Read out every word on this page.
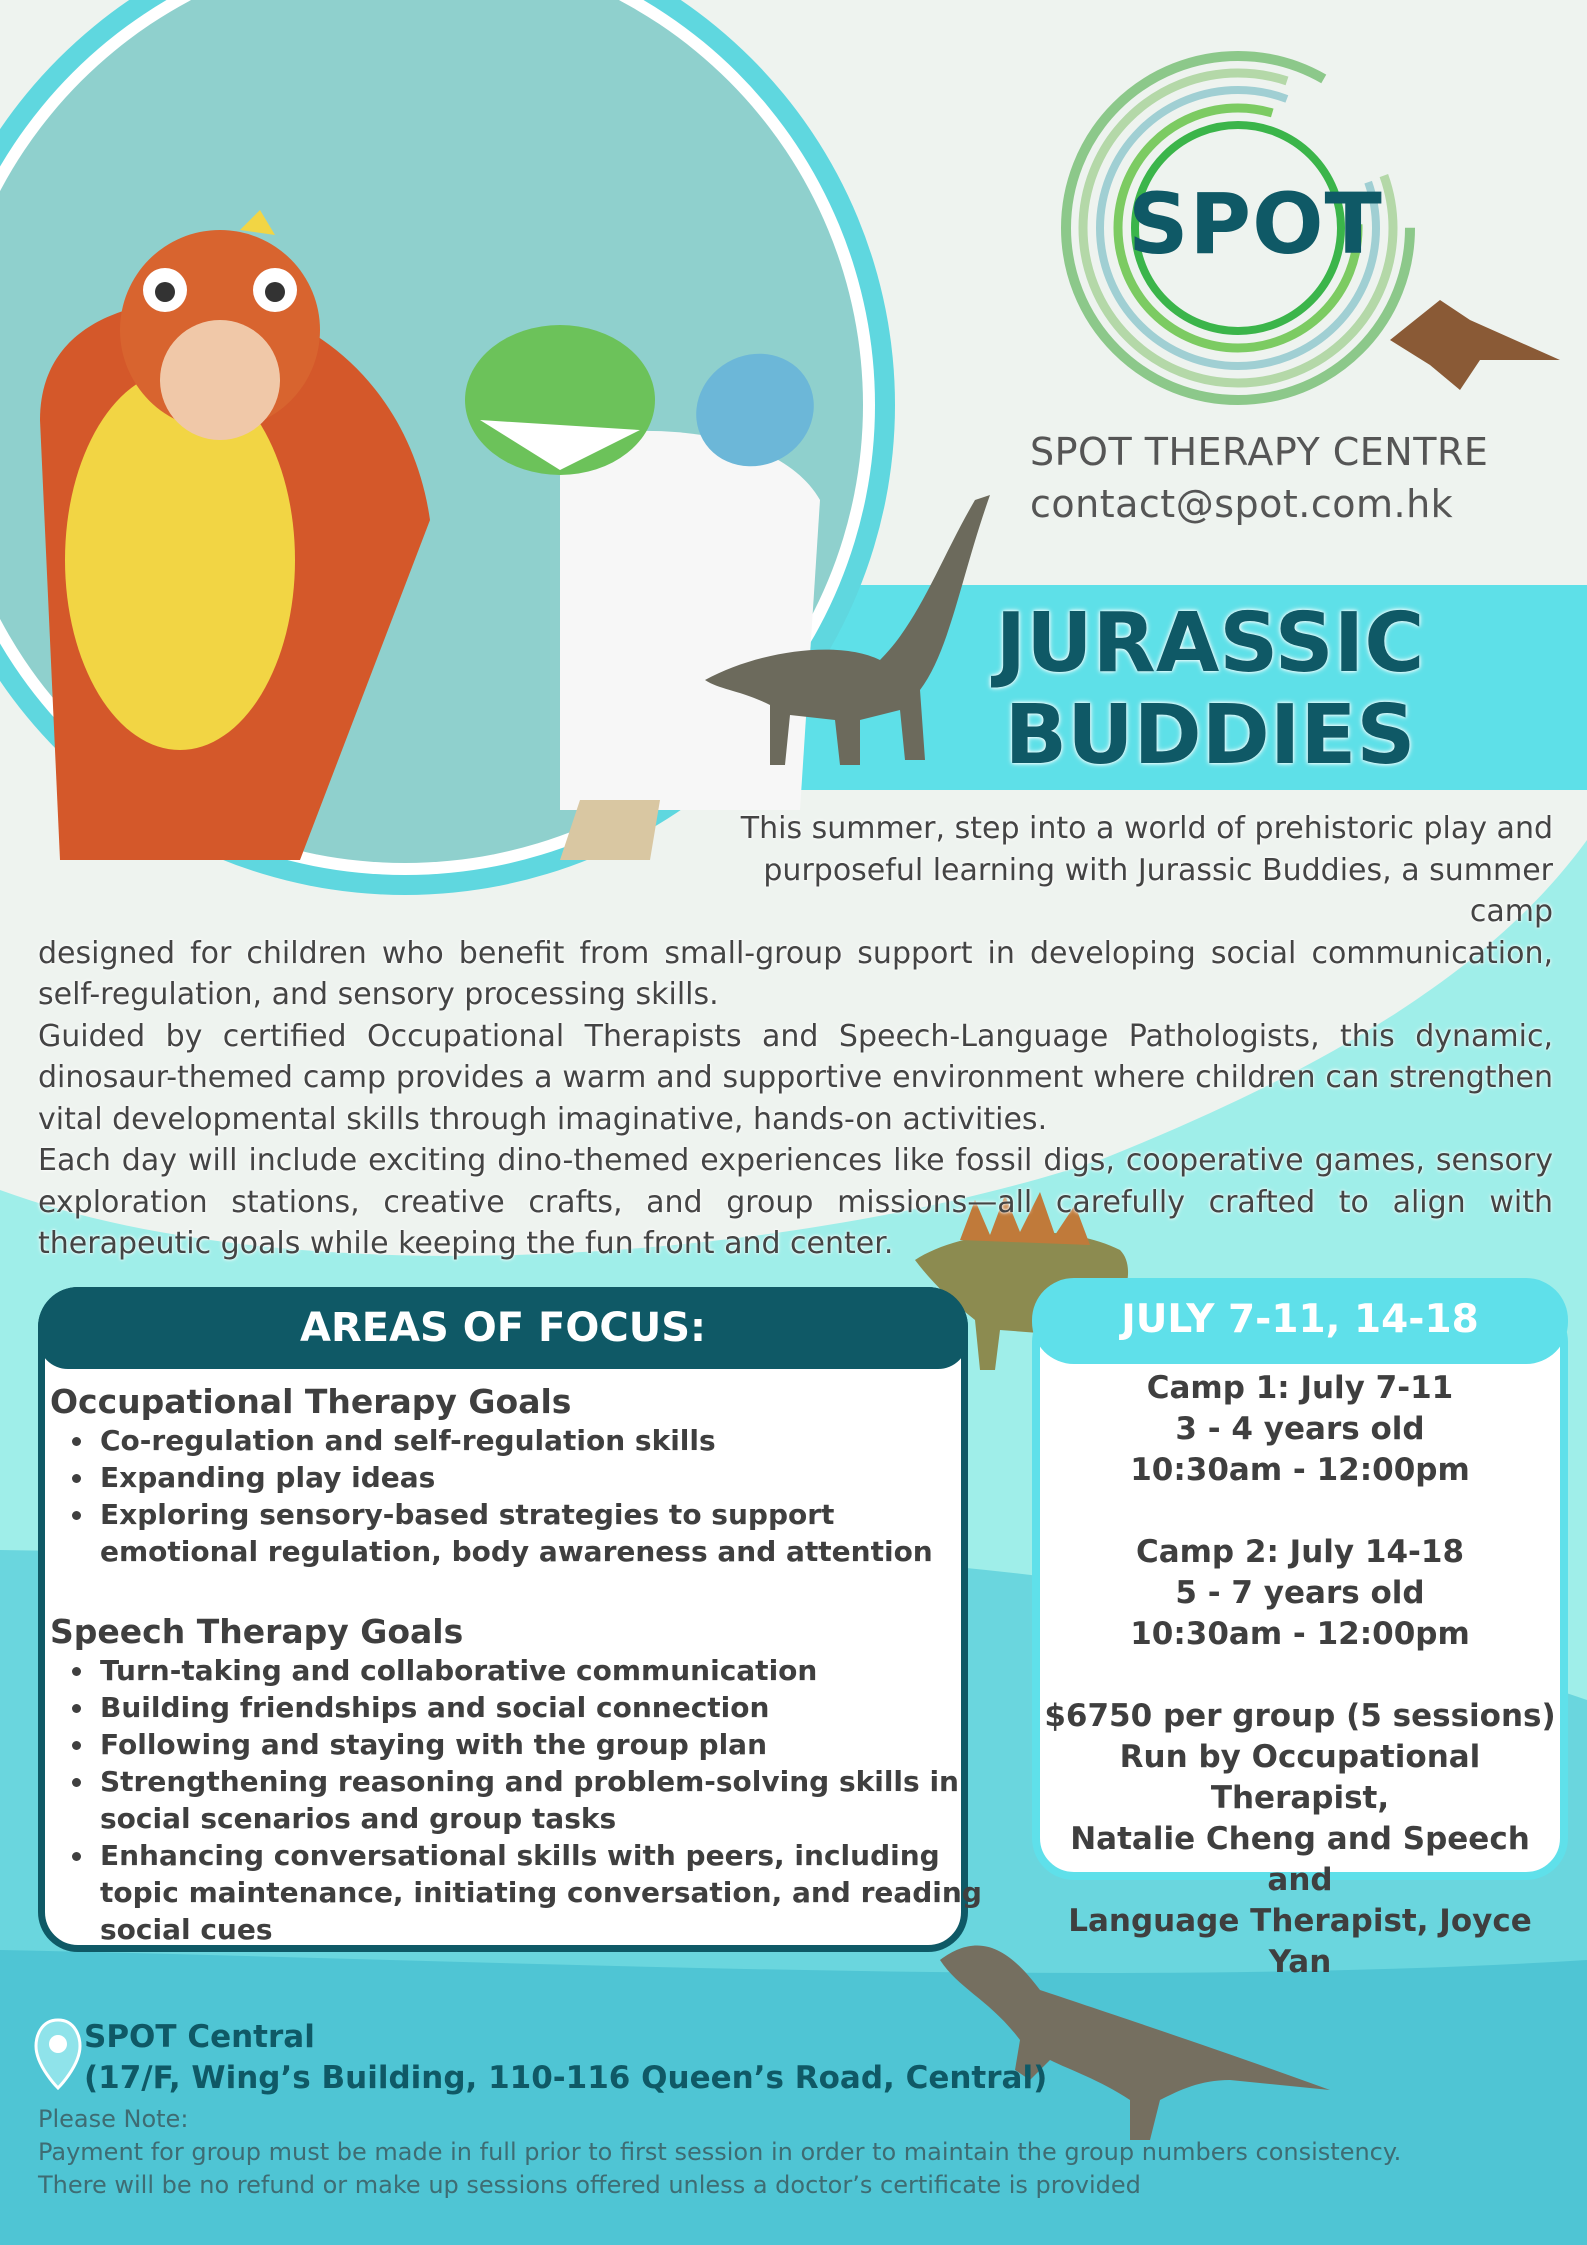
SPOT
SPOT THERAPY CENTRE
contact@spot.com.hk
JURASSIC
BUDDIES

This summer, step into a world of prehistoric play and purposeful learning with Jurassic Buddies, a summer camp

designed for children who benefit from small-group support in developing social communication, self-regulation, and sensory processing skills.

Guided by certified Occupational Therapists and Speech-Language Pathologists, this dynamic, dinosaur-themed camp provides a warm and supportive environment where children can strengthen vital developmental skills through imaginative, hands-on activities.

Each day will include exciting dino-themed experiences like fossil digs, cooperative games, sensory exploration stations, creative crafts, and group missions—all carefully crafted to align with therapeutic goals while keeping the fun front and center.

AREAS OF FOCUS:
Occupational Therapy Goals
• Co-regulation and self-regulation skills
• Expanding play ideas
• Exploring sensory-based strategies to support emotional regulation, body awareness and attention
Speech Therapy Goals
• Turn-taking and collaborative communication
• Building friendships and social connection
• Following and staying with the group plan
• Strengthening reasoning and problem-solving skills in social scenarios and group tasks
• Enhancing conversational skills with peers, including topic maintenance, initiating conversation, and reading social cues
JULY 7-11, 14-18
Camp 1: July 7-11
3 - 4 years old
10:30am - 12:00pm
Camp 2: July 14-18
5 - 7 years old
10:30am - 12:00pm
$6750 per group (5 sessions)
Run by Occupational Therapist,
Natalie Cheng and Speech and
Language Therapist, Joyce Yan
SPOT Central
(17/F, Wing’s Building, 110-116 Queen’s Road, Central)
Please Note:
Payment for group must be made in full prior to first session in order to maintain the group numbers consistency.
There will be no refund or make up sessions offered unless a doctor’s certificate is provided
